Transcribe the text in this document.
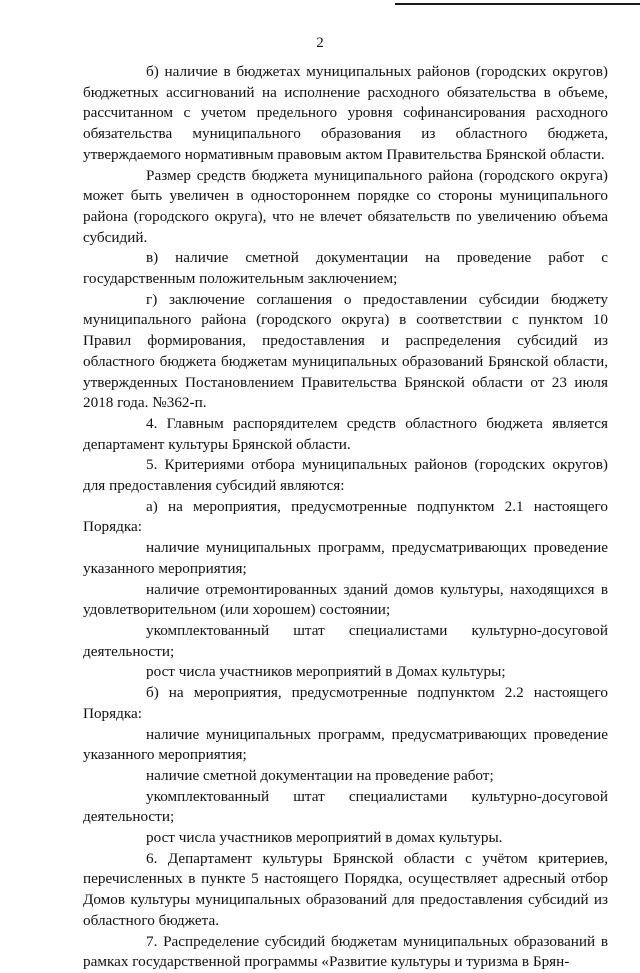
2

б) наличие в бюджетах муниципальных районов (городских округов) бюджетных ассигнований на исполнение расходного обязательства в объеме, рассчитанном с учетом предельного уровня софинансирования расходного обязательства муниципального образования из областного бюджета, утверждаемого нормативным правовым актом Правительства Брянской области.

Размер средств бюджета муниципального района (городского округа) может быть увеличен в одностороннем порядке со стороны муниципального района (городского округа), что не влечет обязательств по увеличению объема субсидий.

в) наличие сметной документации на проведение работ с государственным положительным заключением;

г) заключение соглашения о предоставлении субсидии бюджету муниципального района (городского округа) в соответствии с пунктом 10 Правил формирования, предоставления и распределения субсидий из областного бюджета бюджетам муниципальных образований Брянской области, утвержденных Постановлением Правительства Брянской области от 23 июля 2018 года. №362-п.

4. Главным распорядителем средств областного бюджета является департамент культуры Брянской области.

5. Критериями отбора муниципальных районов (городских округов) для предоставления субсидий являются:

а) на мероприятия, предусмотренные подпунктом 2.1 настоящего Порядка:

наличие муниципальных программ, предусматривающих проведение указанного мероприятия;

наличие отремонтированных зданий домов культуры, находящихся в удовлетворительном (или хорошем) состоянии;

укомплектованный штат специалистами культурно-досуговой деятельности;

рост числа участников мероприятий в Домах культуры;

б) на мероприятия, предусмотренные подпунктом 2.2 настоящего Порядка:

наличие муниципальных программ, предусматривающих проведение указанного мероприятия;

наличие сметной документации на проведение работ;

укомплектованный штат специалистами культурно-досуговой деятельности;

рост числа участников мероприятий в домах культуры.

6. Департамент культуры Брянской области с учётом критериев, перечисленных в пункте 5 настоящего Порядка, осуществляет адресный отбор Домов культуры муниципальных образований для предоставления субсидий из областного бюджета.

7. Распределение субсидий бюджетам муниципальных образований в рамках государственной программы «Развитие культуры и туризма в Брян-
